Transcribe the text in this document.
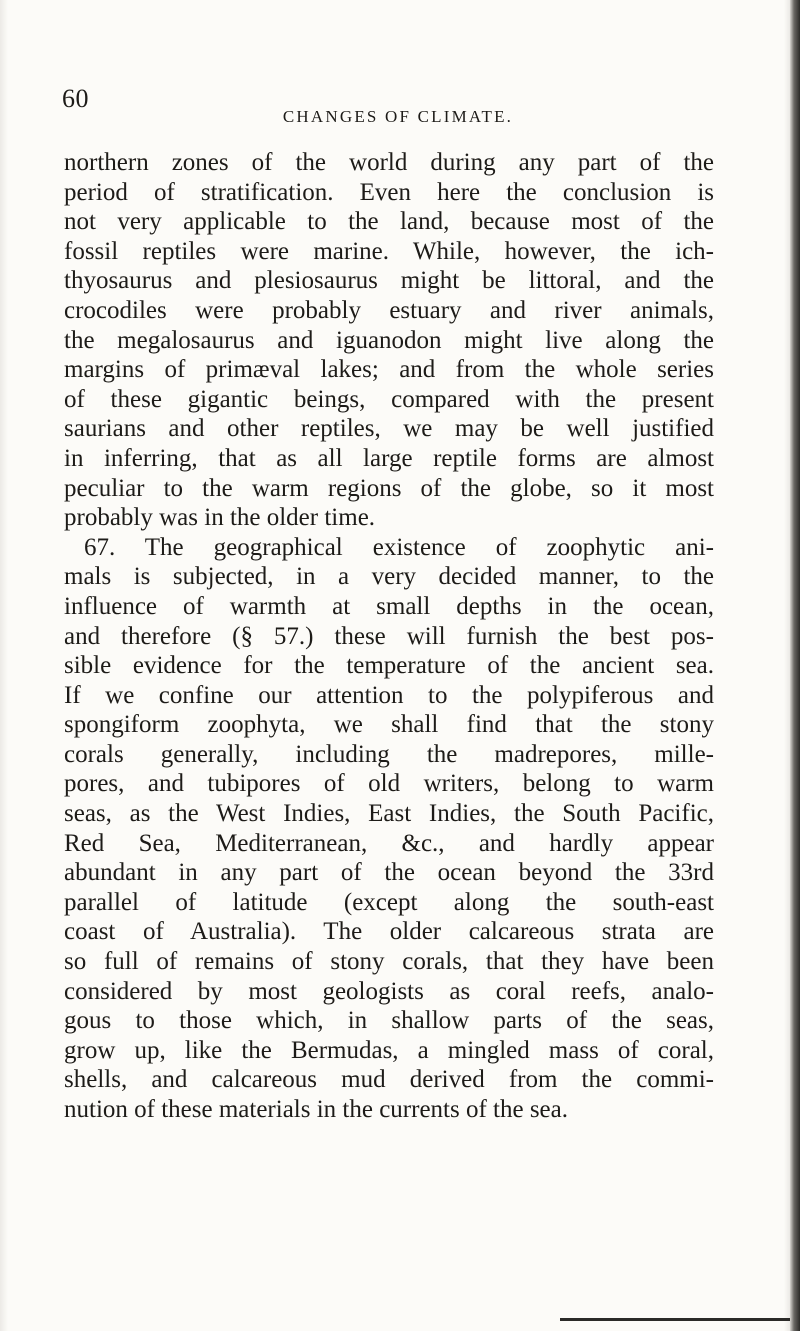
60
CHANGES OF CLIMATE.
northern zones of the world during any part of the
period of stratification. Even here the conclusion is
not very applicable to the land, because most of the
fossil reptiles were marine. While, however, the ich-
thyosaurus and plesiosaurus might be littoral, and the
crocodiles were probably estuary and river animals,
the megalosaurus and iguanodon might live along the
margins of primæval lakes; and from the whole series
of these gigantic beings, compared with the present
saurians and other reptiles, we may be well justified
in inferring, that as all large reptile forms are almost
peculiar to the warm regions of the globe, so it most
probably was in the older time.
67. The geographical existence of zoophytic ani-
mals is subjected, in a very decided manner, to the
influence of warmth at small depths in the ocean,
and therefore (§ 57.) these will furnish the best pos-
sible evidence for the temperature of the ancient sea.
If we confine our attention to the polypiferous and
spongiform zoophyta, we shall find that the stony
corals generally, including the madrepores, mille-
pores, and tubipores of old writers, belong to warm
seas, as the West Indies, East Indies, the South Pacific,
Red Sea, Mediterranean, &c., and hardly appear
abundant in any part of the ocean beyond the 33rd
parallel of latitude (except along the south-east
coast of Australia). The older calcareous strata are
so full of remains of stony corals, that they have been
considered by most geologists as coral reefs, analo-
gous to those which, in shallow parts of the seas,
grow up, like the Bermudas, a mingled mass of coral,
shells, and calcareous mud derived from the commi-
nution of these materials in the currents of the sea.
